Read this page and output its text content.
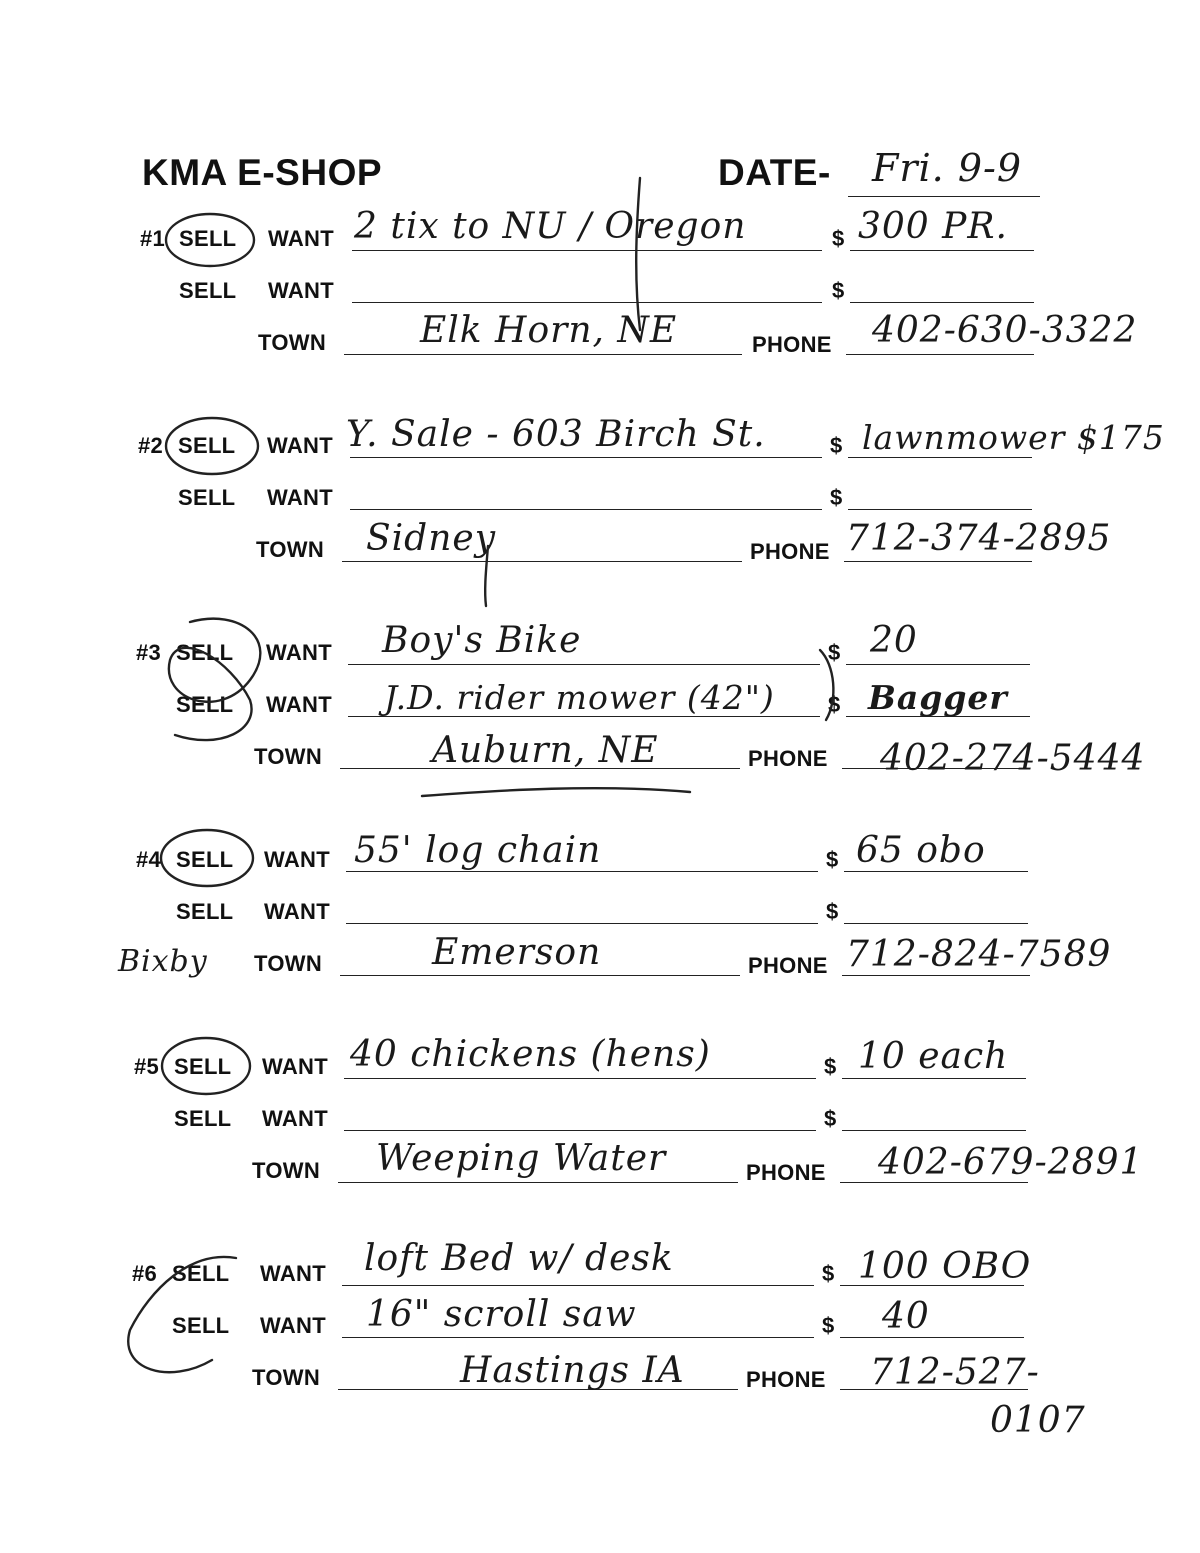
KMA E-SHOP	DATE- Fri. 9-9
#1 SELL WANT 2 tix to NU / Oregon	$ 300 PR.
SELL WANT	$
TOWN	Elk Horn, NE	PHONE 402-630-3322
#2 SELL WANT Y. Sale - 603 Birch St.	$ lawnmower $175
SELL WANT	$
TOWN Sidney	PHONE 712-374-2895
#3 SELL WANT Boy's Bike	$ 20
SELL WANT J.D. rider mower (42") $ Bagger
TOWN	Auburn, NE	PHONE 402-274-5444
#4 SELL WANT 55' log chain	$ 65 obo
SELL WANT	$
Bixby TOWN	Emerson	PHONE 712-824-7589
#5 SELL WANT 40 chickens (hens)	$ 10 each
SELL WANT	$
TOWN Weeping Water	PHONE 402-679-2891
#6 SELL WANT loft Bed w/ desk	$ 100 OBO
SELL WANT 16" scroll saw	$ 40
TOWN	Hastings IA	PHONE 712-527-
0107
